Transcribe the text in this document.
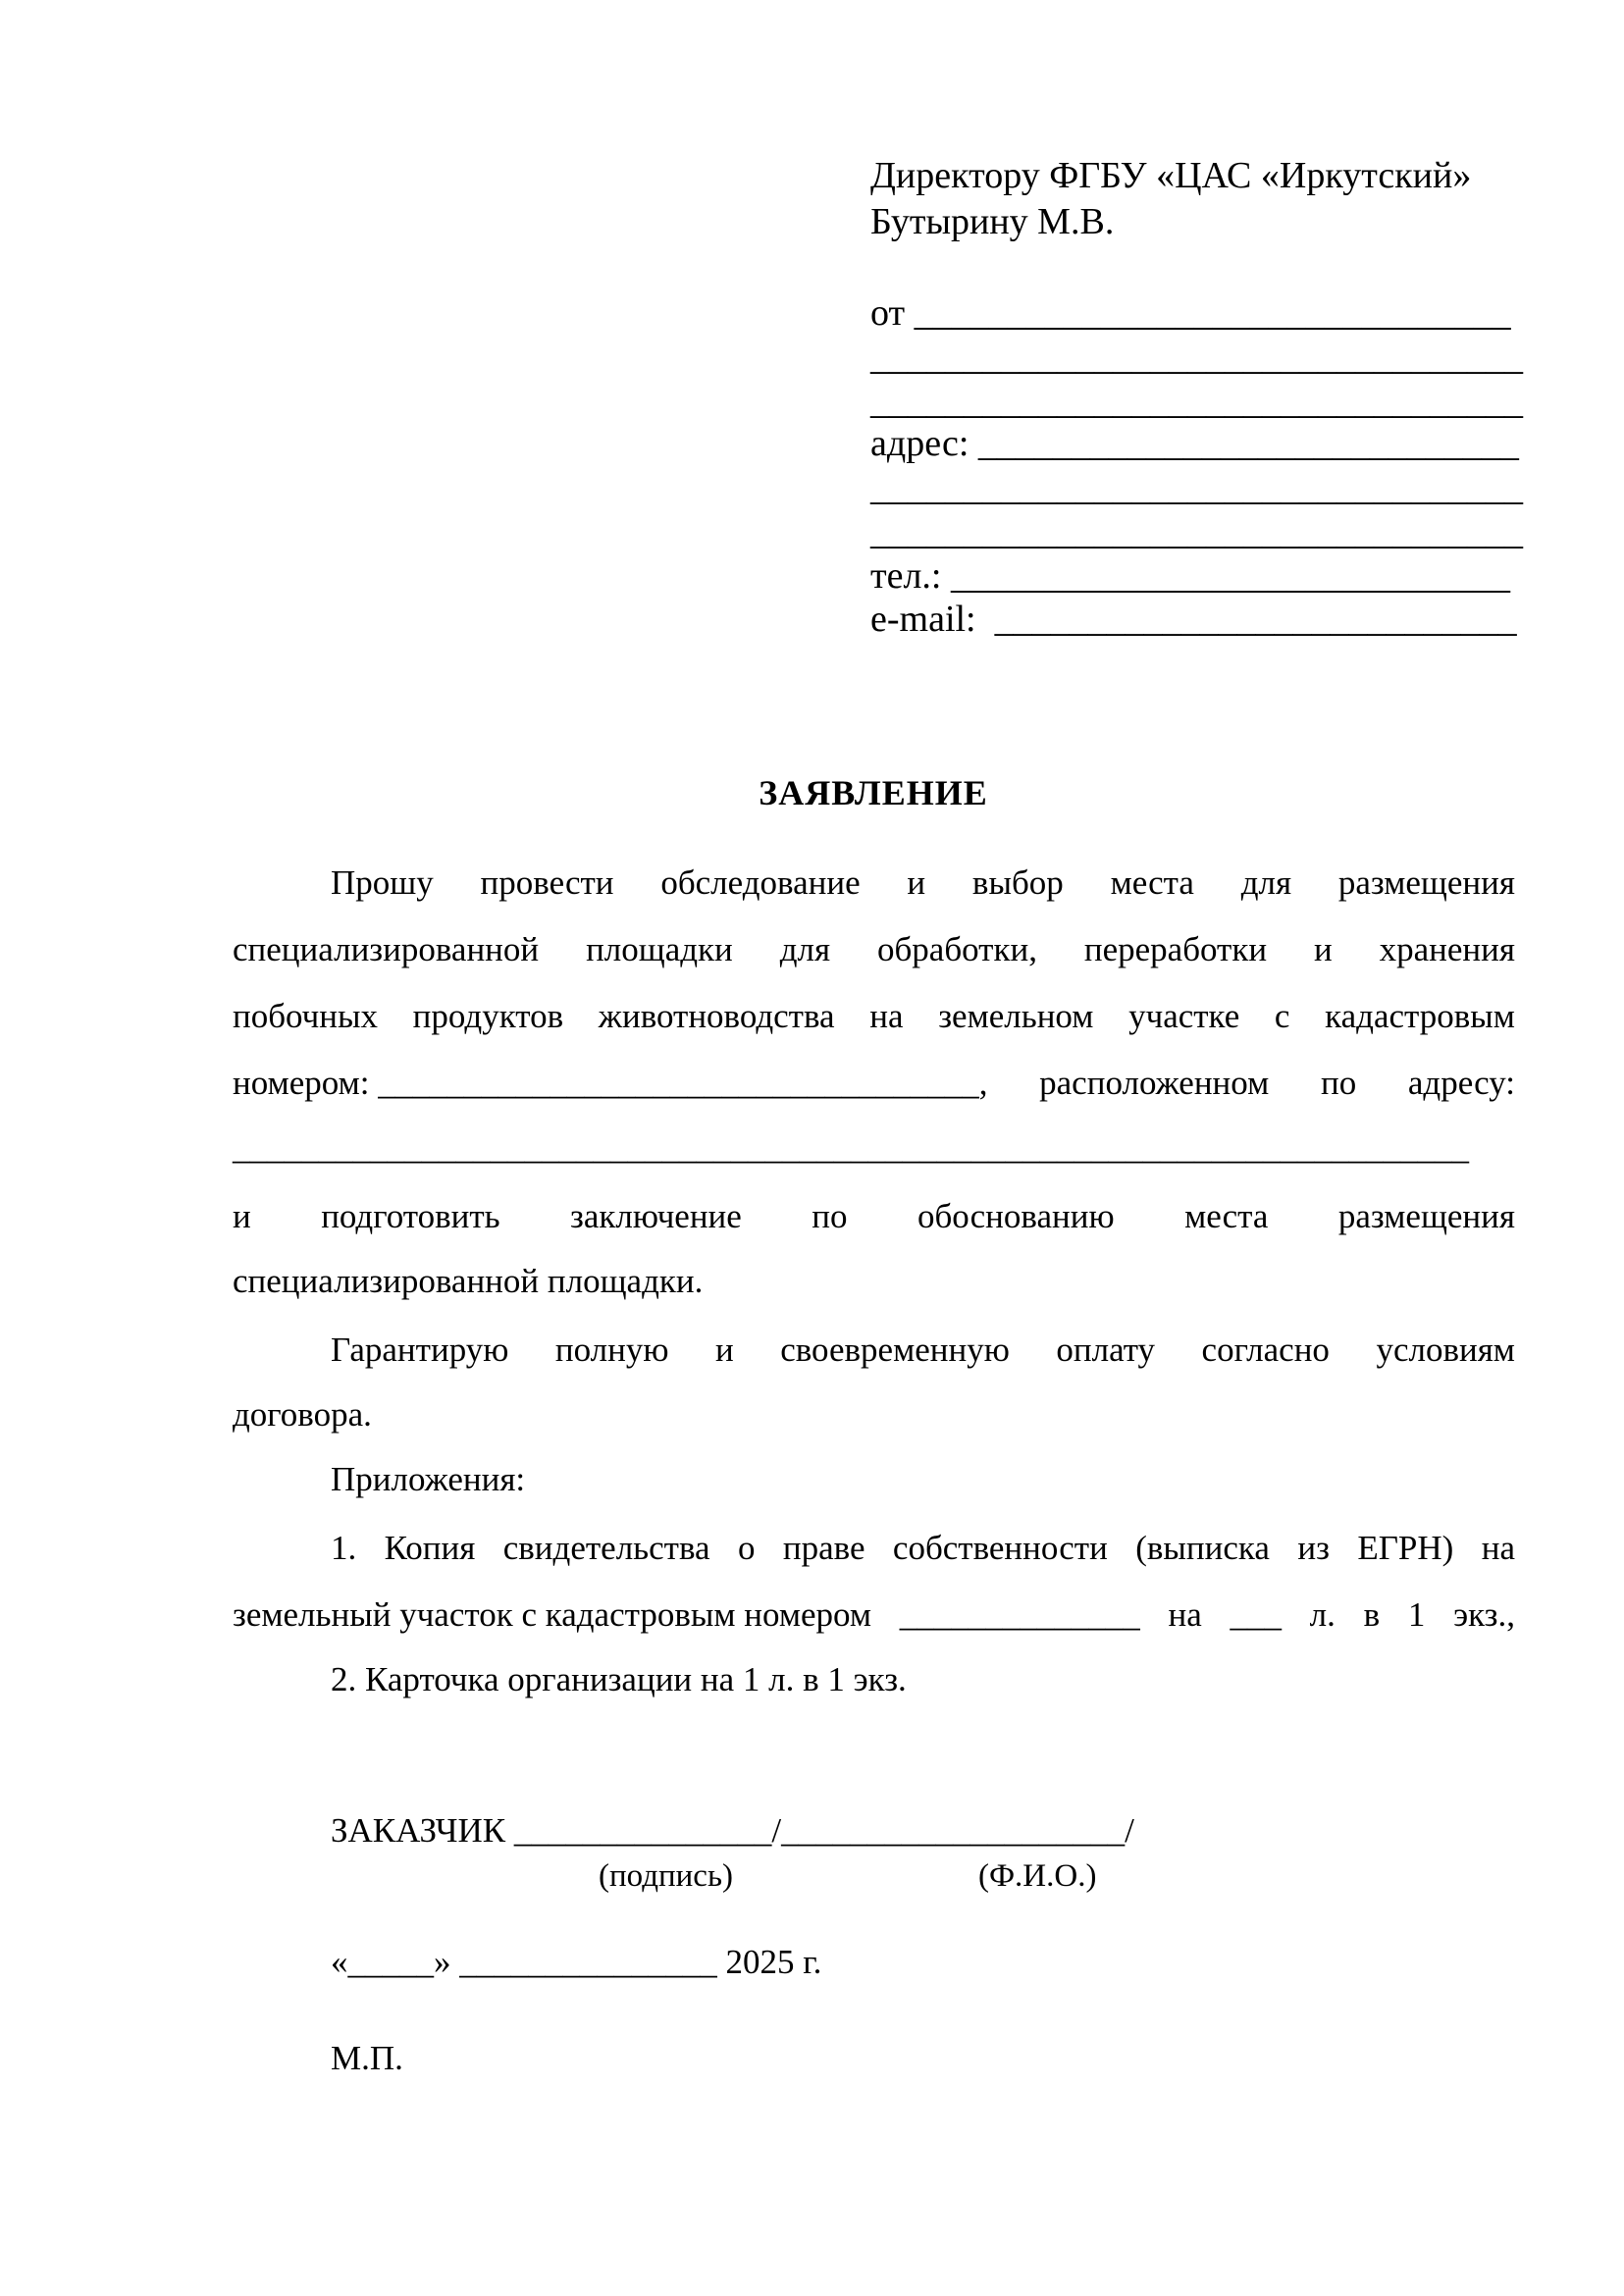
Директору ФГБУ «ЦАС «Иркутский»
Бутырину М.В.
от ________________________________
___________________________________
___________________________________
адрес: _____________________________
___________________________________
___________________________________
тел.: ______________________________
e-mail:  ____________________________
ЗАЯВЛЕНИЕ
Прошу провести обследование и выбор места для размещения
специализированной площадки для обработки, переработки и хранения
побочных продуктов животноводства на земельном участке с кадастровым
номером: ___________________________________, расположенном по адресу:
________________________________________________________________________
и подготовить заключение по обоснованию места размещения
специализированной площадки.
Гарантирую полную и своевременную оплату согласно условиям
договора.
Приложения:
1. Копия свидетельства о праве собственности (выписка из ЕГРН) на
земельный участок с кадастровым номером ______________ на ___ л. в 1 экз.,
2. Карточка организации на 1 л. в 1 экз.
ЗАКАЗЧИК _______________/____________________/
(подпись)	(Ф.И.О.)
«_____» _______________ 2025 г.
М.П.
